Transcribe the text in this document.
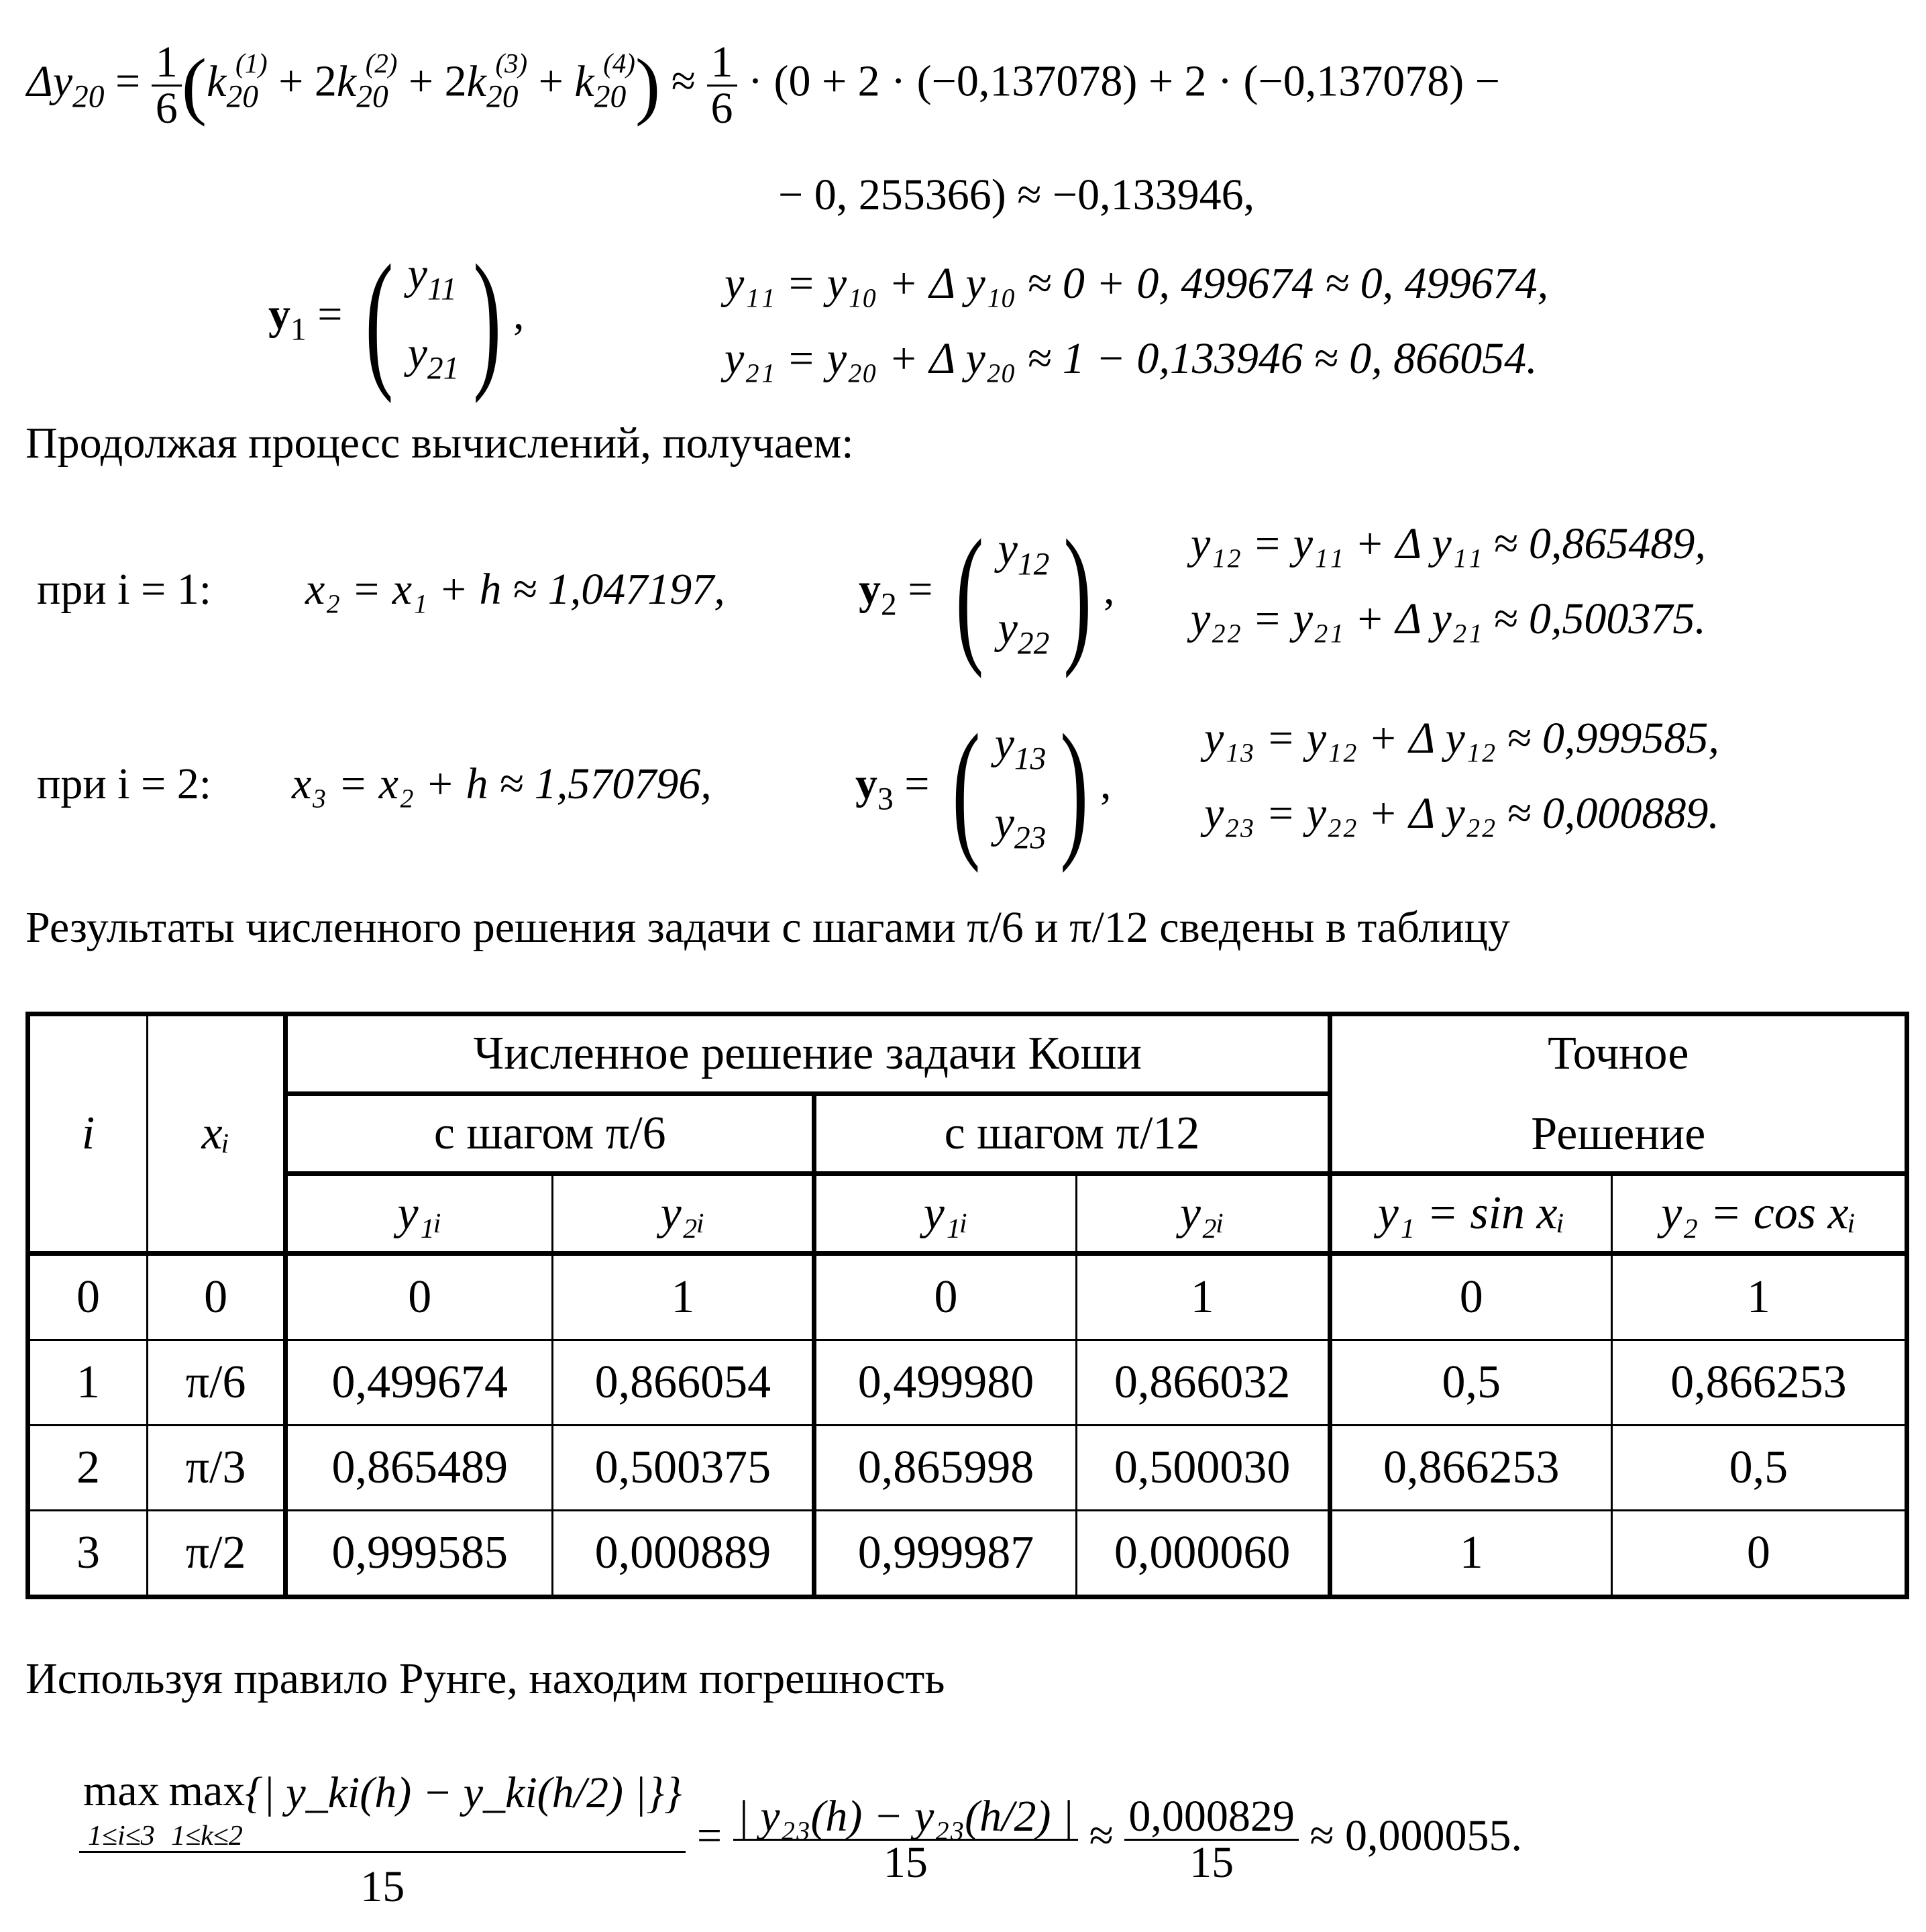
$\Delta y_{20} = \frac{1}{6} (k_{20}^{(1)} + 2k_{20}^{(2)} + 2k_{20}^{(3)} + k_{20}^{(4)}) \approx \frac{1}{6} \cdot (0 + 2 \cdot (-0,137078) + 2 \cdot (-0,137078)$ −
− 0, 255366) ≈ −0,133946,
$y_1$ = ( $y_{11}$
$y_{21}$ ) ,
y₁₁ = y₁₀ + Δ y₁₀ ≈ 0 + 0, 499674 ≈ 0, 499674,
y₂₁ = y₂₀ + Δ y₂₀ ≈ 1 − 0,133946 ≈ 0, 866054.
Продолжая процесс вычислений, получаем:
при i = 1: x₂ = x₁ + h ≈ 1,047197,	$y_2$ = ( $y_{12}$
$y_{22}$ ) ,
y₁₂ = y₁₁ + Δ y₁₁ ≈ 0,865489,
y₂₂ = y₂₁ + Δ y₂₁ ≈ 0,500375.
при i = 2: x₃ = x₂ + h ≈ 1,570796,	$y_3$ = ( $y_{13}$
$y_{23}$ ) ,
y₁₃ = y₁₂ + Δ y₁₂ ≈ 0,999585,
y₂₃ = y₂₂ + Δ y₂₂ ≈ 0,000889.
Результаты численного решения задачи с шагами π/6 и π/12 сведены в таблицу
i	xᵢ	Численное решение задачи Коши				Точное
Решение	

		с шагом π/6		с шагом π/12			
		y₁ᵢ	y₂ᵢ	y₁ᵢ	y₂ᵢ	y₁ = sin xᵢ	y₂ = cos xᵢ
0	0	0	1	0	1	0	1
1	π/6	0,499674	0,866054	0,499980	0,866032	0,5	0,866253
2	π/3	0,865489	0,500375	0,865998	0,500030	0,866253	0,5
3	π/2	0,999585	0,000889	0,999987	0,000060	1	0
Используя правило Рунге, находим погрешность
max
1≤i≤3max
1≤k≤2{| y_ki(h) − y_ki(h/2) |}}
15
= $\frac{\text{| y₂₃(h) − y₂₃(h/2) |}}{15} \approx \frac{0,000829}{15} \approx 0,000055$.
